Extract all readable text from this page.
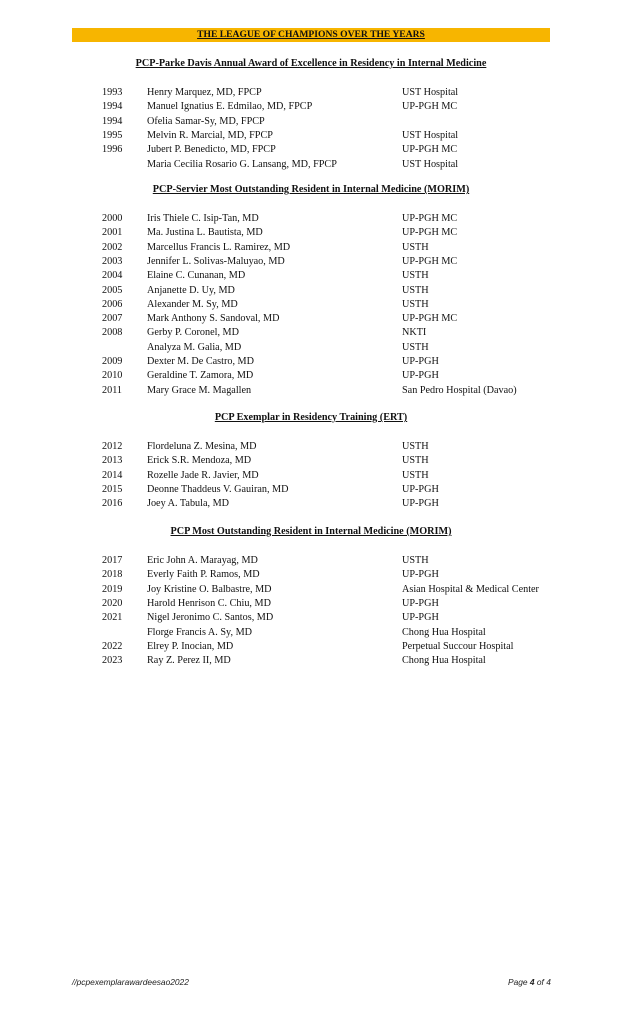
THE LEAGUE OF CHAMPIONS OVER THE YEARS
PCP-Parke Davis Annual Award of Excellence in Residency in Internal Medicine
1993 Henry Marquez, MD, FPCP	UST Hospital
1994 Manuel Ignatius E. Edmilao, MD, FPCP	UP-PGH MC
1994 Ofelia Samar-Sy, MD, FPCP
1995 Melvin R. Marcial, MD, FPCP	UST Hospital
1996 Jubert P. Benedicto, MD, FPCP	UP-PGH MC
Maria Cecilia Rosario G. Lansang, MD, FPCP	UST Hospital
PCP-Servier Most Outstanding Resident in Internal Medicine (MORIM)
2000 Iris Thiele C. Isip-Tan, MD	UP-PGH MC
2001 Ma. Justina L. Bautista, MD	UP-PGH MC
2002 Marcellus Francis L. Ramirez, MD	USTH
2003 Jennifer L. Solivas-Maluyao, MD	UP-PGH MC
2004 Elaine C. Cunanan, MD	USTH
2005 Anjanette D. Uy, MD	USTH
2006 Alexander M. Sy, MD	USTH
2007 Mark Anthony S. Sandoval, MD	UP-PGH MC
2008 Gerby P. Coronel, MD	NKTI
Analyza M. Galia, MD	USTH
2009 Dexter M. De Castro, MD	UP-PGH
2010 Geraldine T. Zamora, MD	UP-PGH
2011 Mary Grace M. Magallen	San Pedro Hospital (Davao)
PCP Exemplar in Residency Training (ERT)
2012 Flordeluna Z. Mesina, MD	USTH
2013 Erick S.R. Mendoza, MD	USTH
2014 Rozelle Jade R. Javier, MD	USTH
2015 Deonne Thaddeus V. Gauiran, MD	UP-PGH
2016 Joey A. Tabula, MD	UP-PGH
PCP Most Outstanding Resident in Internal Medicine (MORIM)
2017 Eric John A. Marayag, MD	USTH
2018 Everly Faith P. Ramos, MD	UP-PGH
2019 Joy Kristine O. Balbastre, MD	Asian Hospital & Medical Center
2020 Harold Henrison C. Chiu, MD	UP-PGH
2021 Nigel Jeronimo C. Santos, MD	UP-PGH
Florge Francis A. Sy, MD	Chong Hua Hospital
2022 Elrey P. Inocian, MD	Perpetual Succour Hospital
2023 Ray Z. Perez II, MD	Chong Hua Hospital
//pcpexemplarawardeesao2022	Page 4 of 4
